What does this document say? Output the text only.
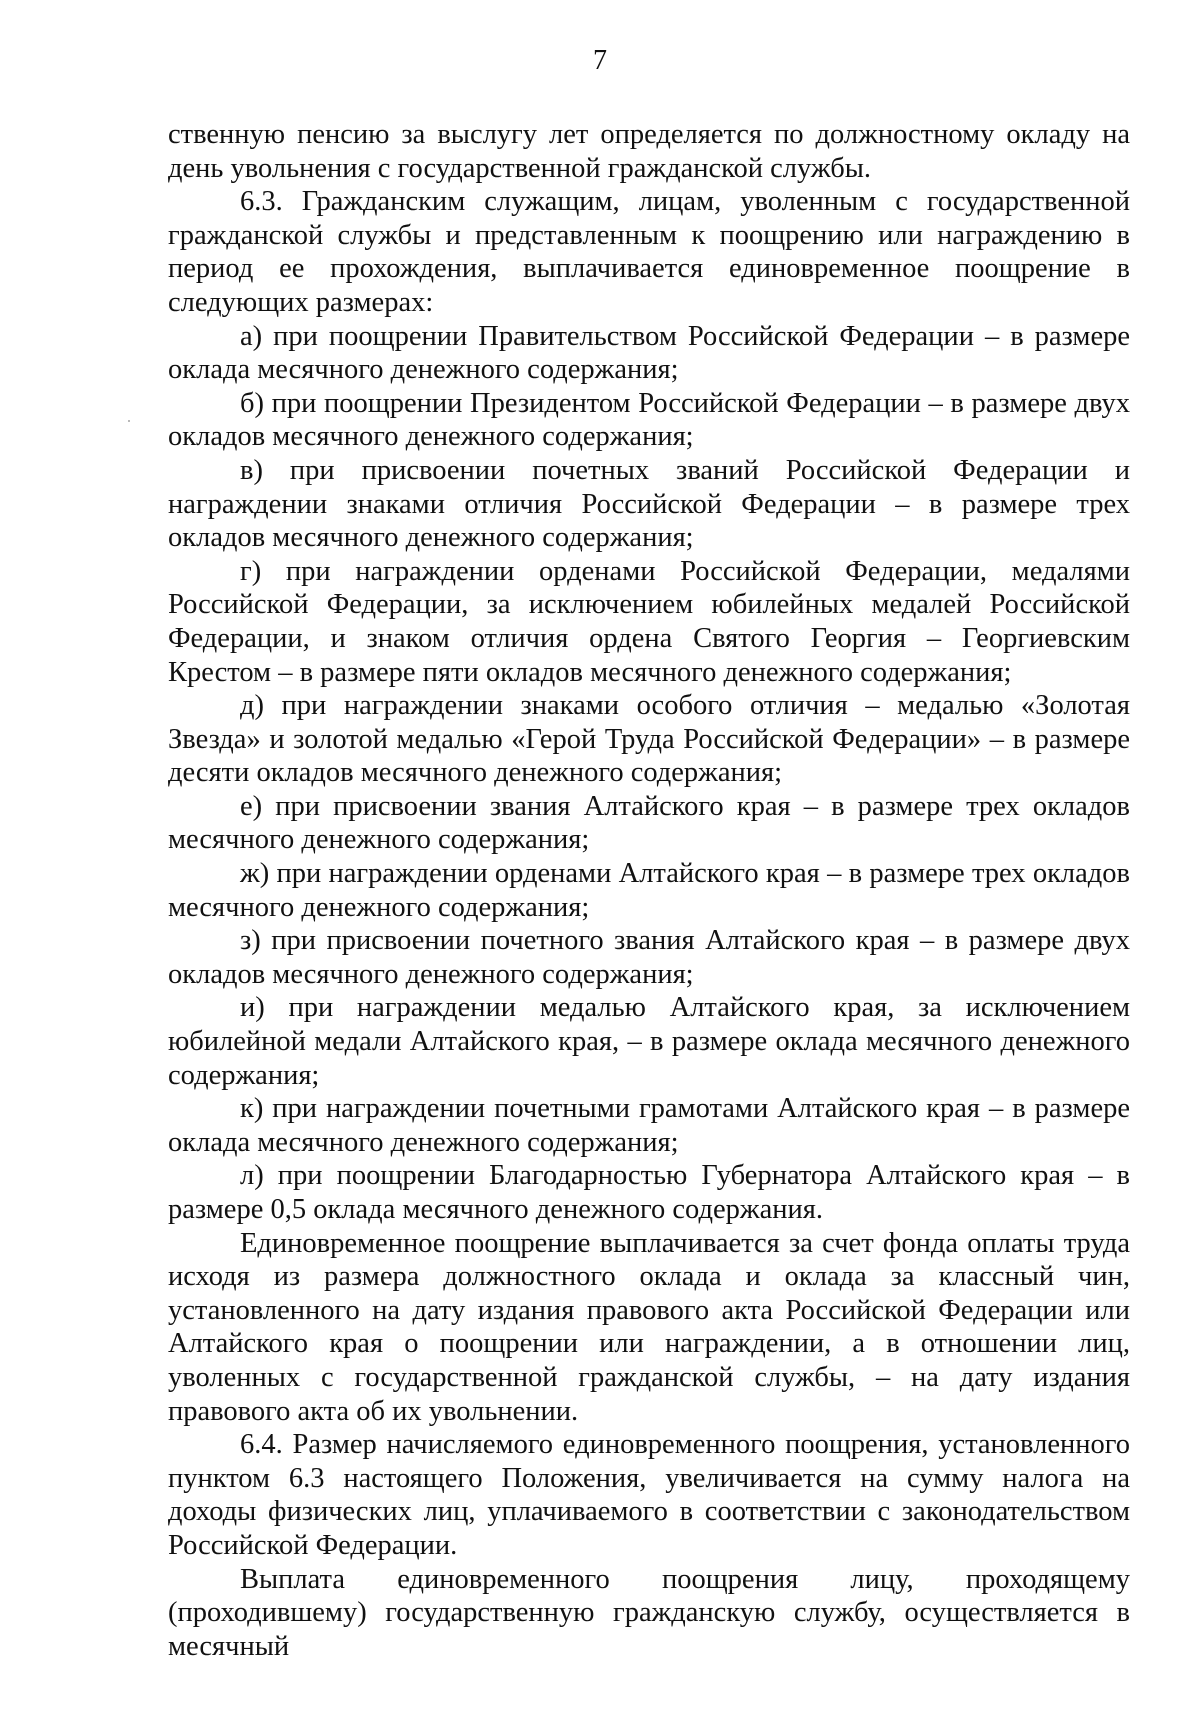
7

ственную пенсию за выслугу лет определяется по должностному окладу на день увольнения с государственной гражданской службы.

6.3. Гражданским служащим, лицам, уволенным с государственной гражданской службы и представленным к поощрению или награждению в период ее прохождения, выплачивается единовременное поощрение в следующих размерах:

а) при поощрении Правительством Российской Федерации – в размере оклада месячного денежного содержания;

б) при поощрении Президентом Российской Федерации – в размере двух окладов месячного денежного содержания;

в) при присвоении почетных званий Российской Федерации и награждении знаками отличия Российской Федерации – в размере трех окладов месячного денежного содержания;

г) при награждении орденами Российской Федерации, медалями Российской Федерации, за исключением юбилейных медалей Российской Федерации, и знаком отличия ордена Святого Георгия – Георгиевским Крестом – в размере пяти окладов месячного денежного содержания;

д) при награждении знаками особого отличия – медалью «Золотая Звезда» и золотой медалью «Герой Труда Российской Федерации» – в размере десяти окладов месячного денежного содержания;

е) при присвоении звания Алтайского края – в размере трех окладов месячного денежного содержания;

ж) при награждении орденами Алтайского края – в размере трех окладов месячного денежного содержания;

з) при присвоении почетного звания Алтайского края – в размере двух окладов месячного денежного содержания;

и) при награждении медалью Алтайского края, за исключением юбилейной медали Алтайского края, – в размере оклада месячного денежного содержания;

к) при награждении почетными грамотами Алтайского края – в размере оклада месячного денежного содержания;

л) при поощрении Благодарностью Губернатора Алтайского края – в размере 0,5 оклада месячного денежного содержания.

Единовременное поощрение выплачивается за счет фонда оплаты труда исходя из размера должностного оклада и оклада за классный чин, установленного на дату издания правового акта Российской Федерации или Алтайского края о поощрении или награждении, а в отношении лиц, уволенных с государственной гражданской службы, – на дату издания правового акта об их увольнении.

6.4. Размер начисляемого единовременного поощрения, установленного пунктом 6.3 настоящего Положения, увеличивается на сумму налога на доходы физических лиц, уплачиваемого в соответствии с законодательством Российской Федерации.

Выплата единовременного поощрения лицу, проходящему (проходившему) государственную гражданскую службу, осуществляется в месячный
